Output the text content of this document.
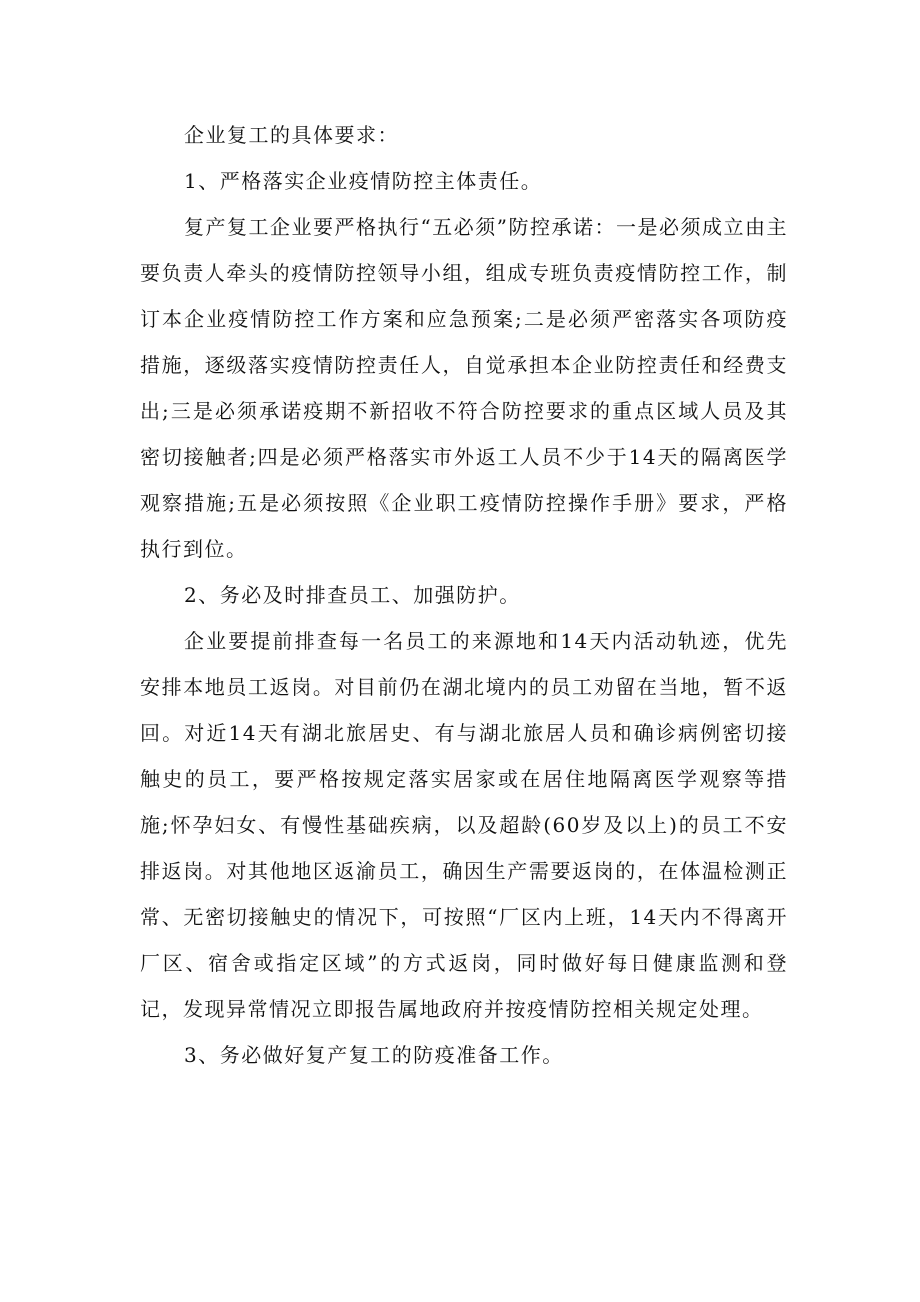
企业复工的具体要求：

1、严格落实企业疫情防控主体责任。

复产复工企业要严格执行“五必须”防控承诺：一是必须成立由主要负责人牵头的疫情防控领导小组，组成专班负责疫情防控工作，制订本企业疫情防控工作方案和应急预案;二是必须严密落实各项防疫措施，逐级落实疫情防控责任人，自觉承担本企业防控责任和经费支出;三是必须承诺疫期不新招收不符合防控要求的重点区域人员及其密切接触者;四是必须严格落实市外返工人员不少于14天的隔离医学观察措施;五是必须按照《企业职工疫情防控操作手册》要求，严格执行到位。

2、务必及时排查员工、加强防护。

企业要提前排查每一名员工的来源地和14天内活动轨迹，优先安排本地员工返岗。对目前仍在湖北境内的员工劝留在当地，暂不返回。对近14天有湖北旅居史、有与湖北旅居人员和确诊病例密切接触史的员工，要严格按规定落实居家或在居住地隔离医学观察等措施;怀孕妇女、有慢性基础疾病，以及超龄(60岁及以上)的员工不安排返岗。对其他地区返渝员工，确因生产需要返岗的，在体温检测正常、无密切接触史的情况下，可按照“厂区内上班，14天内不得离开厂区、宿舍或指定区域”的方式返岗，同时做好每日健康监测和登记，发现异常情况立即报告属地政府并按疫情防控相关规定处理。

3、务必做好复产复工的防疫准备工作。
